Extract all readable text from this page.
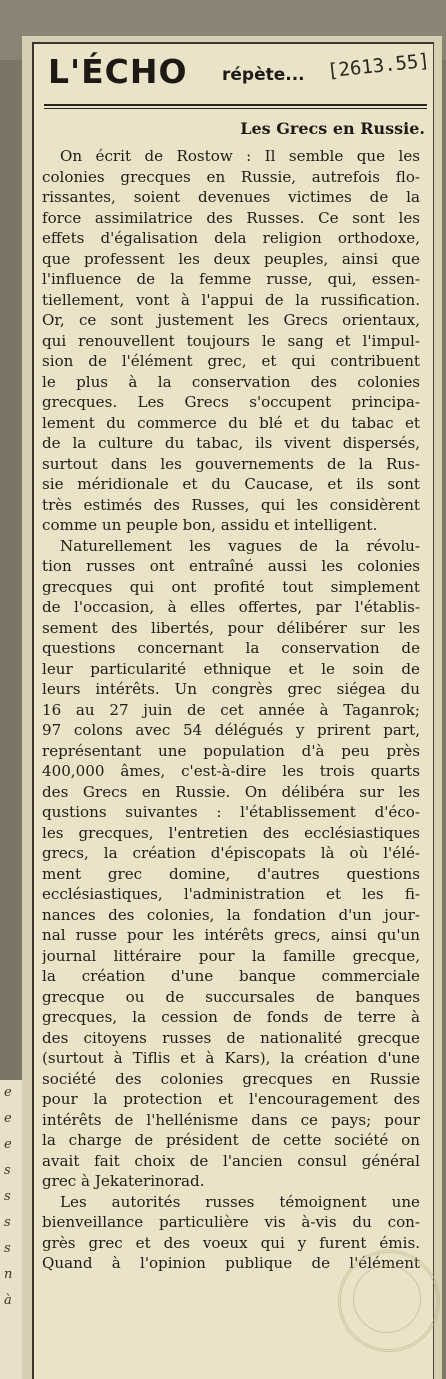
e
e
e
s
s
s
s
n
à
L'ÉCHO répète... [2613.55]
Les Grecs en Russie.
On écrit de Rostow : Il semble que les
colonies grecques en Russie, autrefois flo-
rissantes, soient devenues victimes de la
force assimilatrice des Russes. Ce sont les
effets d'égalisation dela religion orthodoxe,
que professent les deux peuples, ainsi que
l'influence de la femme russe, qui, essen-
tiellement, vont à l'appui de la russification.
Or, ce sont justement les Grecs orientaux,
qui renouvellent toujours le sang et l'impul-
sion de l'élément grec, et qui contribuent
le plus à la conservation des colonies
grecques. Les Grecs s'occupent principa-
lement du commerce du blé et du tabac et
de la culture du tabac, ils vivent dispersés,
surtout dans les gouvernements de la Rus-
sie méridionale et du Caucase, et ils sont
très estimés des Russes, qui les considèrent
comme un peuple bon, assidu et intelligent.
Naturellement les vagues de la révolu-
tion russes ont entraîné aussi les colonies
grecques qui ont profité tout simplement
de l'occasion, à elles offertes, par l'établis-
sement des libertés, pour délibérer sur les
questions concernant la conservation de
leur particularité ethnique et le soin de
leurs intérêts. Un congrès grec siégea du
16 au 27 juin de cet année à Taganrok;
97 colons avec 54 délégués y prirent part,
représentant une population d'à peu près
400,000 âmes, c'est-à-dire les trois quarts
des Grecs en Russie. On délibéra sur les
qustions suivantes : l'établissement d'éco-
les grecques, l'entretien des ecclésiastiques
grecs, la création d'épiscopats là où l'élé-
ment grec domine, d'autres questions
ecclésiastiques, l'administration et les fi-
nances des colonies, la fondation d'un jour-
nal russe pour les intérêts grecs, ainsi qu'un
journal littéraire pour la famille grecque,
la création d'une banque commerciale
grecque ou de succursales de banques
grecques, la cession de fonds de terre à
des citoyens russes de nationalité grecque
(surtout à Tiflis et à Kars), la création d'une
société des colonies grecques en Russie
pour la protection et l'encouragement des
intérêts de l'hellénisme dans ce pays; pour
la charge de président de cette société on
avait fait choix de l'ancien consul général
grec à Jekaterinorad.
Les autorités russes témoignent une
bienveillance particulière vis à-vis du con-
grès grec et des voeux qui y furent émis.
Quand à l'opinion publique de l'élément
